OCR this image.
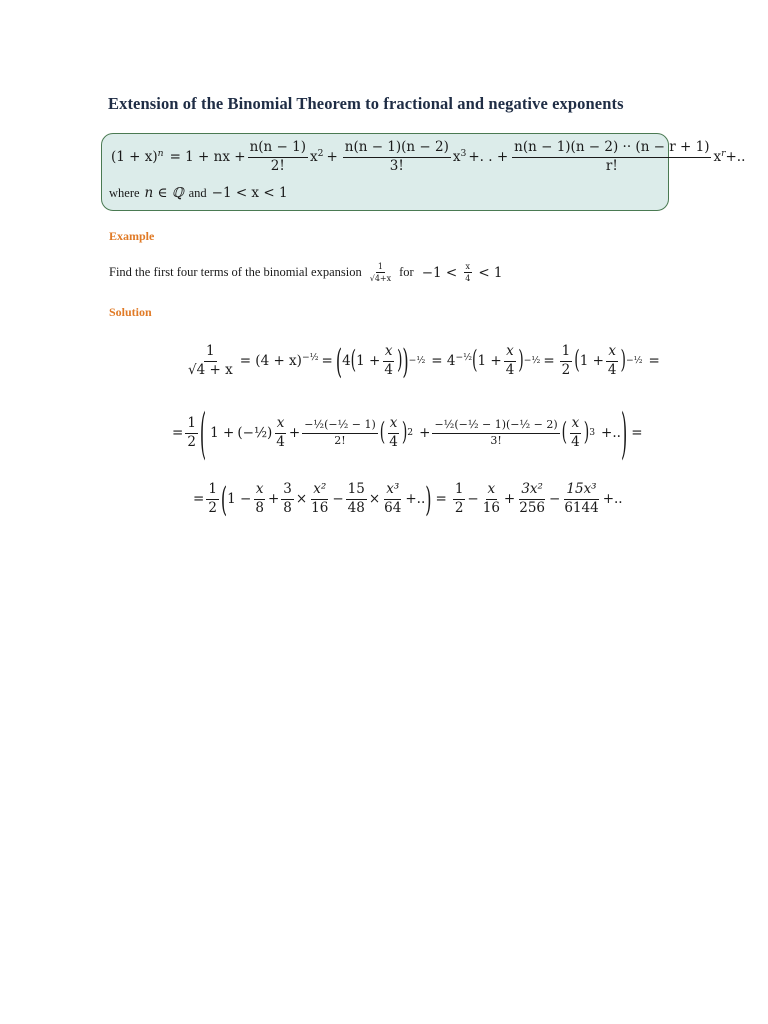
Extension of the Binomial Theorem to fractional and negative exponents
$(1 + x)^n = 1$ + nx + $\frac{n(n - 1)}{2!} x^2 + \frac{n(n - 1)(n - 2)}{3!} x^3$ +. . + $\frac{n(n - 1)(n - 2) \cdot\cdot (n - r + 1)}{r!} x^r$ +..
where n ∈ ℚ and −1 < x < 1
Example
Find the first four terms of the binomial expansion $\frac{1}{√4+x}$ for $-1 < \frac{x}{4} < 1$
Solution
$\frac{1}{√4 + x} = (4 + x)^{-\frac{1}{2}}$ = ( 4 ( $1 + \frac{x}{4}$ ) ) −½ = $4^{-\frac{1}{2}}$ ( $1 + \frac{x}{4}$ ) −½ = $\frac{1}{2}$ ( $1 + \frac{x}{4}$ ) −½ =
= $\frac{1}{2}$ ( 1 + (−½) $\frac{x}{4} + \frac{\text{−½(−½ − 1)}}{2!}$ ( $\frac{x}{4}$ ) $2 + \frac{\text{−½(−½ − 1)(−½ − 2)}}{3!}$ ( $\frac{x}{4}$ ) 3 +.. ) =
= $\frac{1}{2}$ ( $1 - \frac{x}{8} + \frac{3}{8} \times \frac{\text{x²}}{16} - \frac{15}{48} \times \frac{\text{x³}}{64}$ +.. ) = $\frac{1}{2} - \frac{x}{16} + \frac{\text{3x²}}{256} - \frac{\text{15x³}}{6144}$ +..
